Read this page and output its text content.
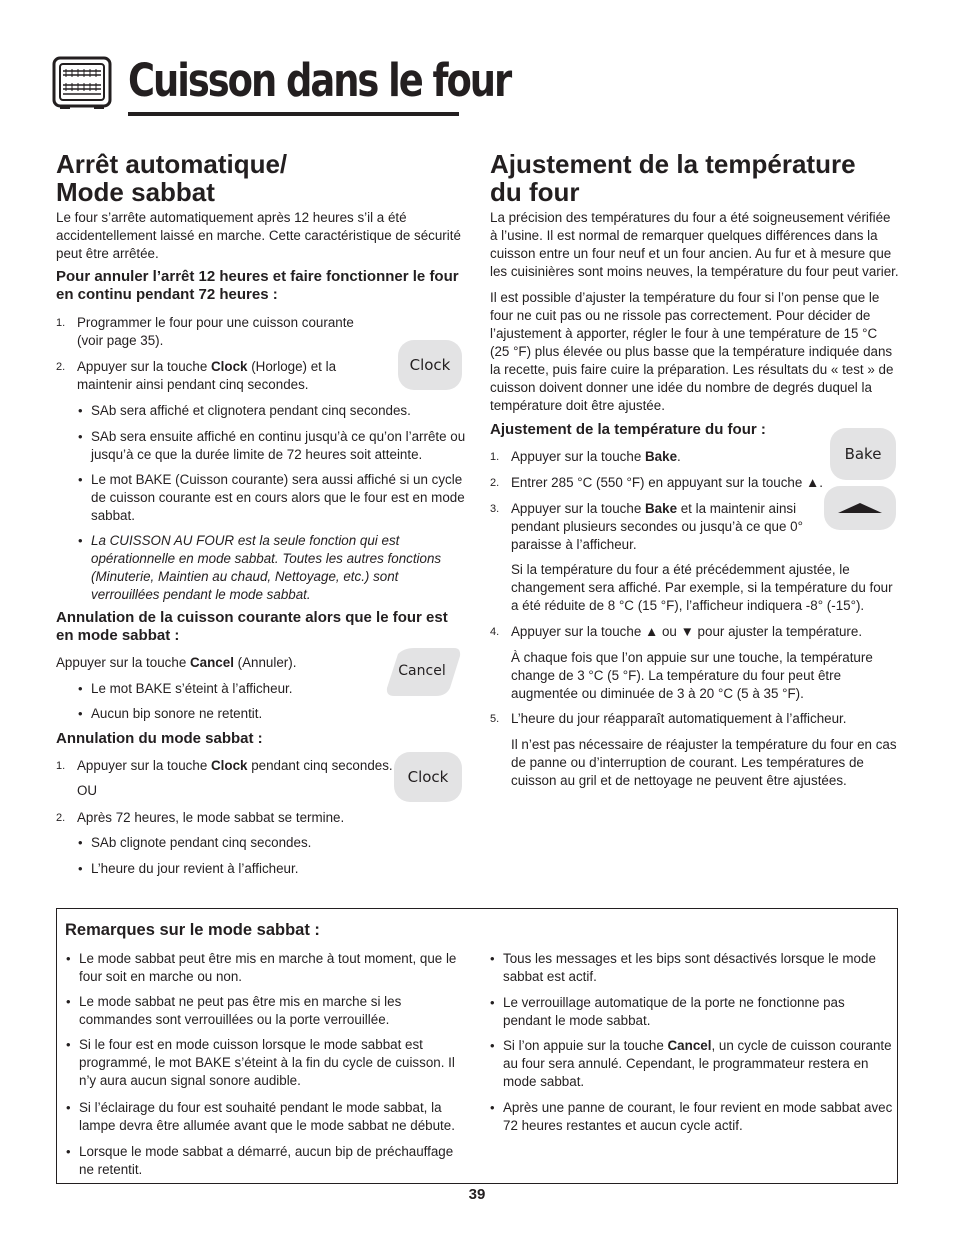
Cuisson dans le four
Arrêt automatique/
Mode sabbat

Le four s’arrête automatiquement après 12 heures s’il a été accidentellement laissé en marche. Cette caractéristique de sécurité peut être arrêtée.

Pour annuler l’arrêt 12 heures et faire fonctionner le four en continu pendant 72 heures :
1. Programmer le four pour une cuisson courante (voir page 35).
2. Appuyer sur la touche Clock (Horloge) et la maintenir ainsi pendant cinq secondes.
Clock
• SAb sera affiché et clignotera pendant cinq secondes.
• SAb sera ensuite affiché en continu jusqu’à ce qu’on l’arrête ou jusqu’à ce que la durée limite de 72 heures soit atteinte.
• Le mot BAKE (Cuisson courante) sera aussi affiché si un cycle de cuisson courante est en cours alors que le four est en mode sabbat.
• La CUISSON AU FOUR est la seule fonction qui est opérationnelle en mode sabbat. Toutes les autres fonctions (Minuterie, Maintien au chaud, Nettoyage, etc.) sont verrouillées pendant le mode sabbat.
Annulation de la cuisson courante alors que le four est en mode sabbat :
Appuyer sur la touche Cancel (Annuler).
• Le mot BAKE s’éteint à l’afficheur.
• Aucun bip sonore ne retentit.
Cancel
Annulation du mode sabbat :
1. Appuyer sur la touche Clock pendant cinq secondes.
OU
Clock
2. Après 72 heures, le mode sabbat se termine.
• SAb clignote pendant cinq secondes.
• L’heure du jour revient à l’afficheur.
Ajustement de la température
du four

La précision des températures du four a été soigneusement vérifiée à l’usine. Il est normal de remarquer quelques différences dans la cuisson entre un four neuf et un four ancien. Au fur et à mesure que les cuisinières sont moins neuves, la température du four peut varier.

Il est possible d’ajuster la température du four si l’on pense que le four ne cuit pas ou ne rissole pas correctement. Pour décider de l’ajustement à apporter, régler le four à une température de 15 °C (25 °F) plus élevée ou plus basse que la température indiquée dans la recette, puis faire cuire la préparation. Les résultats du « test » de cuisson doivent donner une idée du nombre de degrés duquel la température doit être ajustée.

Ajustement de la température du four :
1. Appuyer sur la touche Bake.
2. Entrer 285 °C (550 °F) en appuyant sur la touche ▲.
3. Appuyer sur la touche Bake et la maintenir ainsi pendant plusieurs secondes ou jusqu’à ce que 0° paraisse à l’afficheur.
Bake
Si la température du four a été précédemment ajustée, le changement sera affiché. Par exemple, si la température du four a été réduite de 8 °C (15 °F), l’afficheur indiquera -8° (-15°).
4. Appuyer sur la touche ▲ ou ▼ pour ajuster la température.
À chaque fois que l’on appuie sur une touche, la température change de 3 °C (5 °F). La température du four peut être augmentée ou diminuée de 3 à 20 °C (5 à 35 °F).
5. L’heure du jour réapparaît automatiquement à l’afficheur.
Il n’est pas nécessaire de réajuster la température du four en cas de panne ou d’interruption de courant. Les températures de cuisson au gril et de nettoyage ne peuvent être ajustées.
Remarques sur le mode sabbat :
• Le mode sabbat peut être mis en marche à tout moment, que le four soit en marche ou non.
• Le mode sabbat ne peut pas être mis en marche si les commandes sont verrouillées ou la porte verrouillée.
• Si le four est en mode cuisson lorsque le mode sabbat est programmé, le mot BAKE s’éteint à la fin du cycle de cuisson. Il n’y aura aucun signal sonore audible.
• Si l’éclairage du four est souhaité pendant le mode sabbat, la lampe devra être allumée avant que le mode sabbat ne débute.
• Lorsque le mode sabbat a démarré, aucun bip de préchauffage ne retentit.
• Tous les messages et les bips sont désactivés lorsque le mode sabbat est actif.
• Le verrouillage automatique de la porte ne fonctionne pas pendant le mode sabbat.
• Si l’on appuie sur la touche Cancel, un cycle de cuisson courante au four sera annulé. Cependant, le programmateur restera en mode sabbat.
• Après une panne de courant, le four revient en mode sabbat avec 72 heures restantes et aucun cycle actif.
39
